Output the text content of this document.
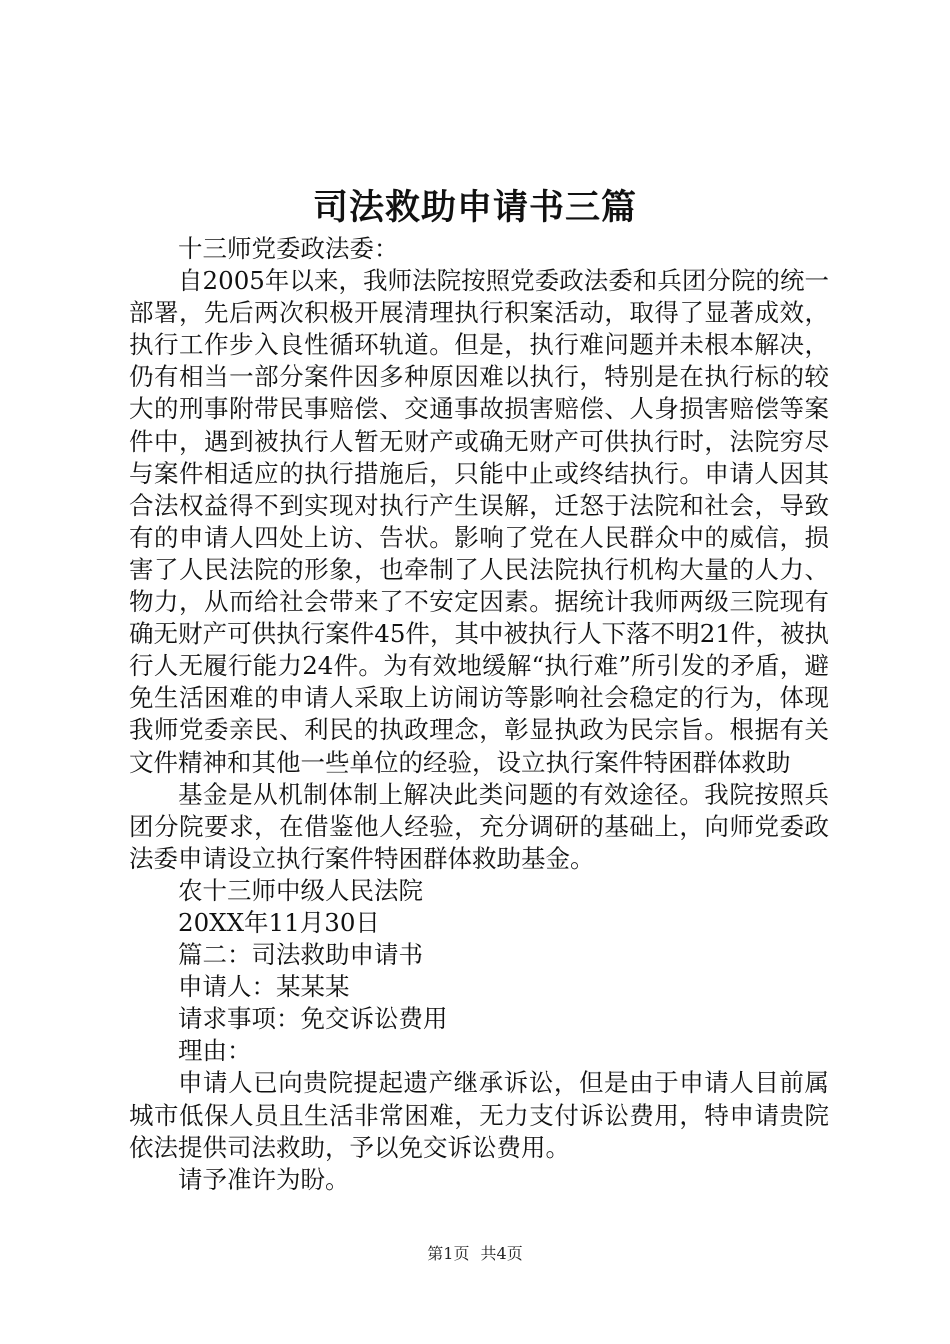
司法救助申请书三篇

十三师党委政法委：

自2005年以来，我师法院按照党委政法委和兵团分院的统一部署，先后两次积极开展清理执行积案活动，取得了显著成效，执行工作步入良性循环轨道。但是，执行难问题并未根本解决，仍有相当一部分案件因多种原因难以执行，特别是在执行标的较大的刑事附带民事赔偿、交通事故损害赔偿、人身损害赔偿等案件中，遇到被执行人暂无财产或确无财产可供执行时，法院穷尽与案件相适应的执行措施后，只能中止或终结执行。申请人因其合法权益得不到实现对执行产生误解，迁怒于法院和社会，导致有的申请人四处上访、告状。影响了党在人民群众中的威信，损害了人民法院的形象，也牵制了人民法院执行机构大量的人力、物力，从而给社会带来了不安定因素。据统计我师两级三院现有确无财产可供执行案件45件，其中被执行人下落不明21件，被执行人无履行能力24件。为有效地缓解“执行难”所引发的矛盾，避免生活困难的申请人采取上访闹访等影响社会稳定的行为，体现我师党委亲民、利民的执政理念，彰显执政为民宗旨。根据有关文件精神和其他一些单位的经验，设立执行案件特困群体救助

基金是从机制体制上解决此类问题的有效途径。我院按照兵团分院要求，在借鉴他人经验，充分调研的基础上，向师党委政法委申请设立执行案件特困群体救助基金。

农十三师中级人民法院

20XX年11月30日

篇二：司法救助申请书

申请人：某某某

请求事项：免交诉讼费用

理由：

申请人已向贵院提起遗产继承诉讼，但是由于申请人目前属城市低保人员且生活非常困难，无力支付诉讼费用，特申请贵院依法提供司法救助，予以免交诉讼费用。

请予准许为盼。

第1页 共4页
